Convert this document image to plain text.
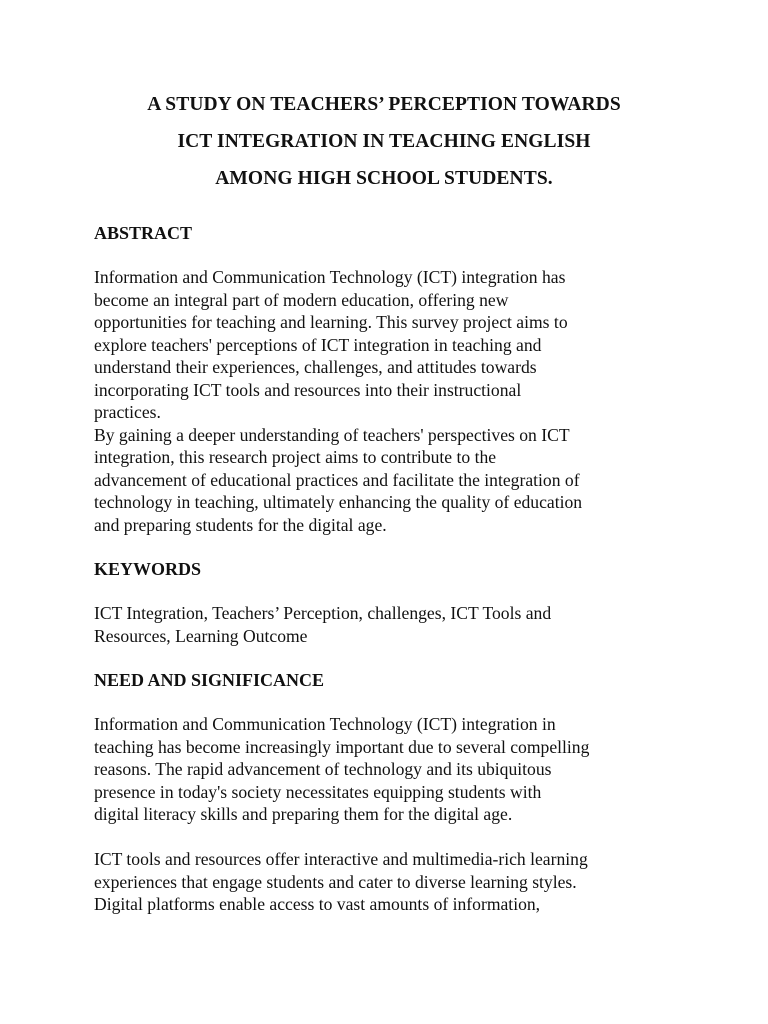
A STUDY ON TEACHERS’ PERCEPTION TOWARDS
ICT INTEGRATION IN TEACHING ENGLISH
AMONG HIGH SCHOOL STUDENTS.
ABSTRACT
Information and Communication Technology (ICT) integration has
become an integral part of modern education, offering new
opportunities for teaching and learning. This survey project aims to
explore teachers' perceptions of ICT integration in teaching and
understand their experiences, challenges, and attitudes towards
incorporating ICT tools and resources into their instructional
practices.
By gaining a deeper understanding of teachers' perspectives on ICT
integration, this research project aims to contribute to the
advancement of educational practices and facilitate the integration of
technology in teaching, ultimately enhancing the quality of education
and preparing students for the digital age.
KEYWORDS
ICT Integration, Teachers’ Perception, challenges, ICT Tools and
Resources, Learning Outcome
NEED AND SIGNIFICANCE
Information and Communication Technology (ICT) integration in
teaching has become increasingly important due to several compelling
reasons. The rapid advancement of technology and its ubiquitous
presence in today's society necessitates equipping students with
digital literacy skills and preparing them for the digital age.
ICT tools and resources offer interactive and multimedia-rich learning
experiences that engage students and cater to diverse learning styles.
Digital platforms enable access to vast amounts of information,
